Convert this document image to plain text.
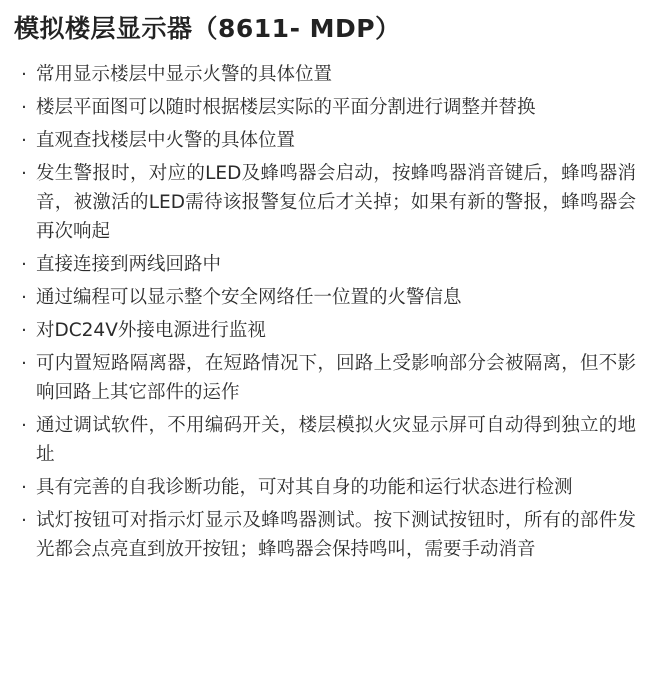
模拟楼层显示器（8611- MDP）
· 常用显示楼层中显示火警的具体位置
· 楼层平面图可以随时根据楼层实际的平面分割进行调整并替换
· 直观查找楼层中火警的具体位置
· 发生警报时，对应的LED及蜂鸣器会启动，按蜂鸣器消音键后，蜂鸣器消音，被激活的LED需待该报警复位后才关掉；如果有新的警报，蜂鸣器会再次响起
· 直接连接到两线回路中
· 通过编程可以显示整个安全网络任一位置的火警信息
· 对DC24V外接电源进行监视
· 可内置短路隔离器，在短路情况下，回路上受影响部分会被隔离，但不影响回路上其它部件的运作
· 通过调试软件，不用编码开关，楼层模拟火灾显示屏可自动得到独立的地址
· 具有完善的自我诊断功能，可对其自身的功能和运行状态进行检测
· 试灯按钮可对指示灯显示及蜂鸣器测试。按下测试按钮时，所有的部件发光都会点亮直到放开按钮；蜂鸣器会保持鸣叫，需要手动消音
